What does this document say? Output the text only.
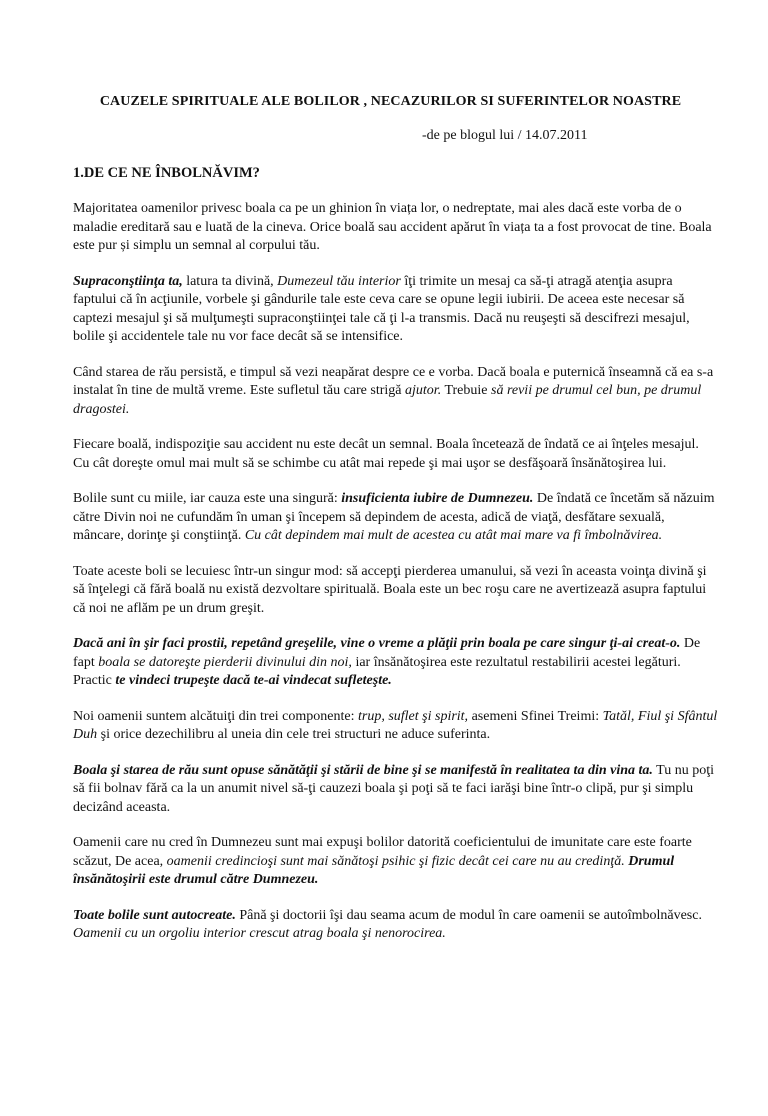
CAUZELE SPIRITUALE ALE BOLILOR , NECAZURILOR SI SUFERINTELOR NOASTRE
-de pe blogul lui / 14.07.2011
1.DE CE NE ÎNBOLNĂVIM?

Majoritatea oamenilor privesc boala ca pe un ghinion în viața lor, o nedreptate, mai ales dacă este vorba de o maladie ereditară sau e luată de la cineva. Orice boală sau accident apărut în viața ta a fost provocat de tine. Boala este pur și simplu un semnal al corpului tău.

Supraconştiinţa ta, latura ta divină, Dumezeul tău interior îţi trimite un mesaj ca să-ţi atragă atenţia asupra faptului că în acţiunile, vorbele şi gândurile tale este ceva care se opune legii iubirii. De aceea este necesar să captezi mesajul şi să mulţumeşti supraconştiinţei tale că ţi l-a transmis. Dacă nu reuşeşti să descifrezi mesajul, bolile şi accidentele tale nu vor face decât să se intensifice.

Când starea de rău persistă, e timpul să vezi neapărat despre ce e vorba. Dacă boala e puternică înseamnă că ea s-a instalat în tine de multă vreme. Este sufletul tău care strigă ajutor. Trebuie să revii pe drumul cel bun, pe drumul dragostei.

Fiecare boală, indispoziţie sau accident nu este decât un semnal. Boala încetează de îndată ce ai înţeles mesajul. Cu cât doreşte omul mai mult să se schimbe cu atât mai repede şi mai uşor se desfăşoară însănătoşirea lui.

Bolile sunt cu miile, iar cauza este una singură: insuficienta iubire de Dumnezeu. De îndată ce încetăm să năzuim către Divin noi ne cufundăm în uman şi începem să depindem de acesta, adică de viaţă, desfătare sexuală, mâncare, dorinţe şi conştiinţă. Cu cât depindem mai mult de acestea cu atât mai mare va fi îmbolnăvirea.

Toate aceste boli se lecuiesc într-un singur mod: să accepţi pierderea umanului, să vezi în aceasta voinţa divină şi să înţelegi că fără boală nu există dezvoltare spirituală. Boala este un bec roşu care ne avertizează asupra faptului că noi ne aflăm pe un drum greşit.

Dacă ani în şir faci prostii, repetând greşelile, vine o vreme a plăţii prin boala pe care singur ţi-ai creat-o. De fapt boala se datoreşte pierderii divinului din noi, iar însănătoşirea este rezultatul restabilirii acestei legături. Practic te vindeci trupeşte dacă te-ai vindecat sufleteşte.

Noi oamenii suntem alcătuiţi din trei componente: trup, suflet şi spirit, asemeni Sfinei Treimi: Tatăl, Fiul şi Sfântul Duh şi orice dezechilibru al uneia din cele trei structuri ne aduce suferinta.

Boala şi starea de rău sunt opuse sănătăţii şi stării de bine şi se manifestă în realitatea ta din vina ta. Tu nu poţi să fii bolnav fără ca la un anumit nivel să-ţi cauzezi boala şi poţi să te faci iarăşi bine într-o clipă, pur şi simplu decizând aceasta.

Oamenii care nu cred în Dumnezeu sunt mai expuşi bolilor datorită coeficientului de imunitate care este foarte scăzut, De acea, oamenii credincioşi sunt mai sănătoşi psihic şi fizic decât cei care nu au credinţă. Drumul însănătoşirii este drumul către Dumnezeu.

Toate bolile sunt autocreate. Până şi doctorii îşi dau seama acum de modul în care oamenii se autoîmbolnăvesc. Oamenii cu un orgoliu interior crescut atrag boala şi nenorocirea.
